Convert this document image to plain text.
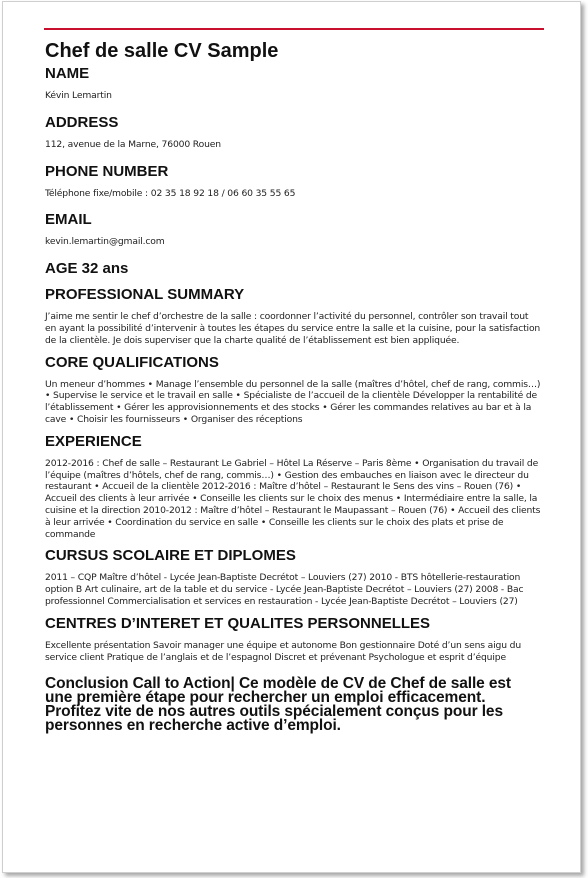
Chef de salle CV Sample
NAME

Kévin Lemartin

ADDRESS

112, avenue de la Marne, 76000 Rouen

PHONE NUMBER

Téléphone fixe/mobile : 02 35 18 92 18 / 06 60 35 55 65

EMAIL

kevin.lemartin@gmail.com

AGE 32 ans
PROFESSIONAL SUMMARY

J’aime me sentir le chef d’orchestre de la salle : coordonner l’activité du personnel, contrôler son travail tout en ayant la possibilité d’intervenir à toutes les étapes du service entre la salle et la cuisine, pour la satisfaction de la clientèle. Je dois superviser que la charte qualité de l’établissement est bien appliquée.

CORE QUALIFICATIONS

Un meneur d’hommes • Manage l’ensemble du personnel de la salle (maîtres d’hôtel, chef de rang, commis…) • Supervise le service et le travail en salle • Spécialiste de l’accueil de la clientèle Développer la rentabilité de l’établissement • Gérer les approvisionnements et des stocks • Gérer les commandes relatives au bar et à la cave • Choisir les fournisseurs • Organiser des réceptions

EXPERIENCE

2012-2016 : Chef de salle – Restaurant Le Gabriel – Hôtel La Réserve – Paris 8ème • Organisation du travail de l’équipe (maîtres d’hôtels, chef de rang, commis…) • Gestion des embauches en liaison avec le directeur du restaurant • Accueil de la clientèle 2012-2016 : Maître d’hôtel – Restaurant le Sens des vins – Rouen (76) • Accueil des clients à leur arrivée • Conseille les clients sur le choix des menus • Intermédiaire entre la salle, la cuisine et la direction 2010-2012 : Maître d’hôtel – Restaurant le Maupassant – Rouen (76) • Accueil des clients à leur arrivée • Coordination du service en salle • Conseille les clients sur le choix des plats et prise de commande

CURSUS SCOLAIRE ET DIPLOMES

2011 – CQP Maître d’hôtel - Lycée Jean-Baptiste Decrétot – Louviers (27) 2010 - BTS hôtellerie-restauration option B Art culinaire, art de la table et du service - Lycée Jean-Baptiste Decrétot – Louviers (27) 2008 - Bac professionnel Commercialisation et services en restauration - Lycée Jean-Baptiste Decrétot – Louviers (27)

CENTRES D’INTERET ET QUALITES PERSONNELLES

Excellente présentation Savoir manager une équipe et autonome Bon gestionnaire Doté d’un sens aigu du service client Pratique de l’anglais et de l’espagnol Discret et prévenant Psychologue et esprit d’équipe

Conclusion Call to Action| Ce modèle de CV de Chef de salle est une première étape pour rechercher un emploi efficacement. Profitez vite de nos autres outils spécialement conçus pour les personnes en recherche active d’emploi.
